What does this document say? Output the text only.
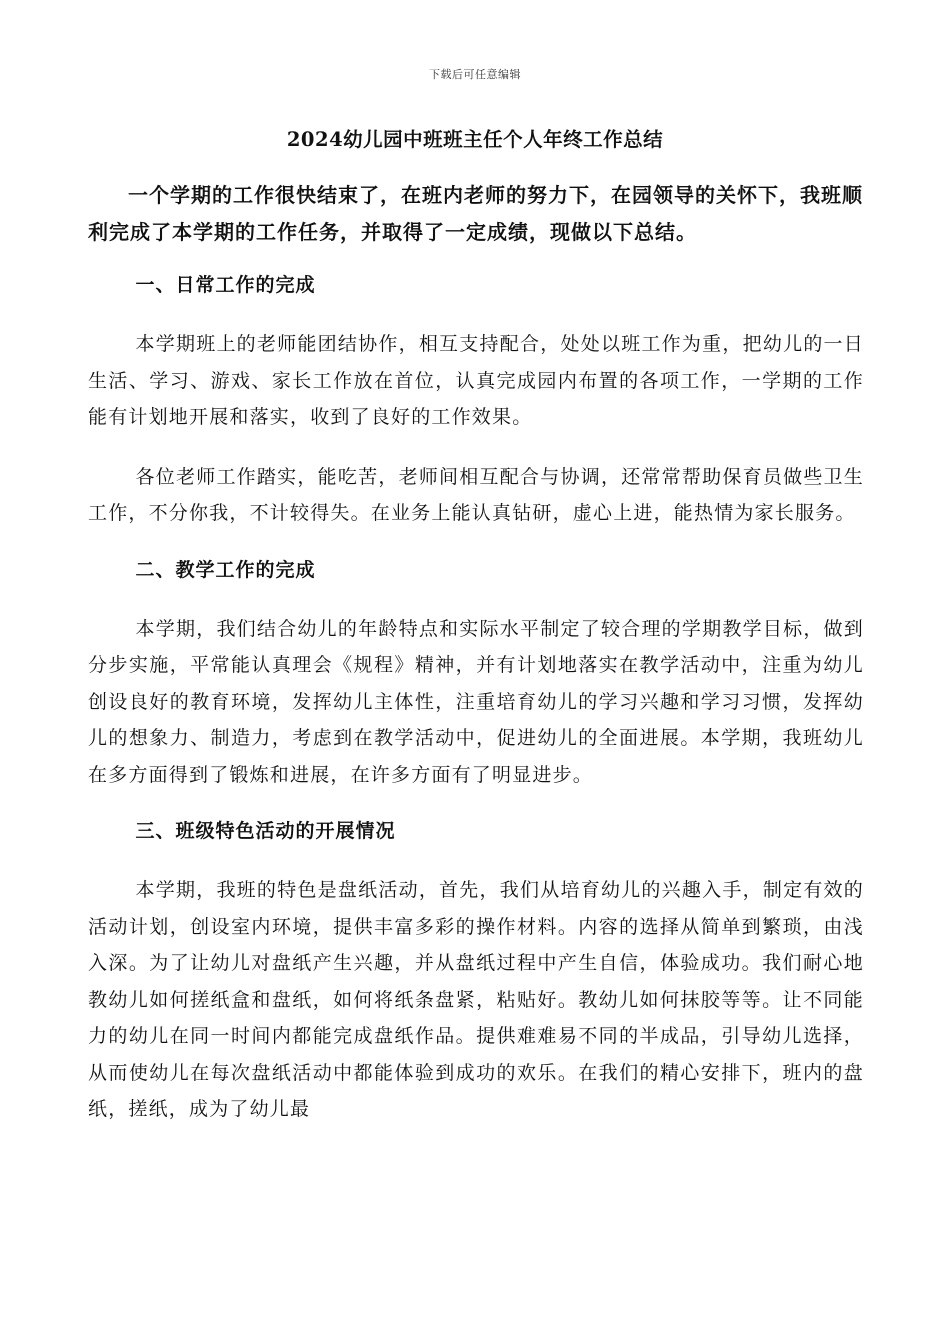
下载后可任意编辑
2024幼儿园中班班主任个人年终工作总结

一个学期的工作很快结束了，在班内老师的努力下，在园领导的关怀下，我班顺利完成了本学期的工作任务，并取得了一定成绩，现做以下总结。

一、日常工作的完成

本学期班上的老师能团结协作，相互支持配合，处处以班工作为重，把幼儿的一日生活、学习、游戏、家长工作放在首位，认真完成园内布置的各项工作，一学期的工作能有计划地开展和落实，收到了良好的工作效果。

各位老师工作踏实，能吃苦，老师间相互配合与协调，还常常帮助保育员做些卫生工作，不分你我，不计较得失。在业务上能认真钻研，虚心上进，能热情为家长服务。

二、教学工作的完成

本学期，我们结合幼儿的年龄特点和实际水平制定了较合理的学期教学目标，做到分步实施，平常能认真理会《规程》精神，并有计划地落实在教学活动中，注重为幼儿创设良好的教育环境，发挥幼儿主体性，注重培育幼儿的学习兴趣和学习习惯，发挥幼儿的想象力、制造力，考虑到在教学活动中，促进幼儿的全面进展。本学期，我班幼儿在多方面得到了锻炼和进展，在许多方面有了明显进步。

三、班级特色活动的开展情况

本学期，我班的特色是盘纸活动，首先，我们从培育幼儿的兴趣入手，制定有效的活动计划，创设室内环境，提供丰富多彩的操作材料。内容的选择从简单到繁琐，由浅入深。为了让幼儿对盘纸产生兴趣，并从盘纸过程中产生自信，体验成功。我们耐心地教幼儿如何搓纸盒和盘纸，如何将纸条盘紧，粘贴好。教幼儿如何抹胶等等。让不同能力的幼儿在同一时间内都能完成盘纸作品。提供难难易不同的半成品，引导幼儿选择，从而使幼儿在每次盘纸活动中都能体验到成功的欢乐。在我们的精心安排下，班内的盘纸，搓纸，成为了幼儿最
